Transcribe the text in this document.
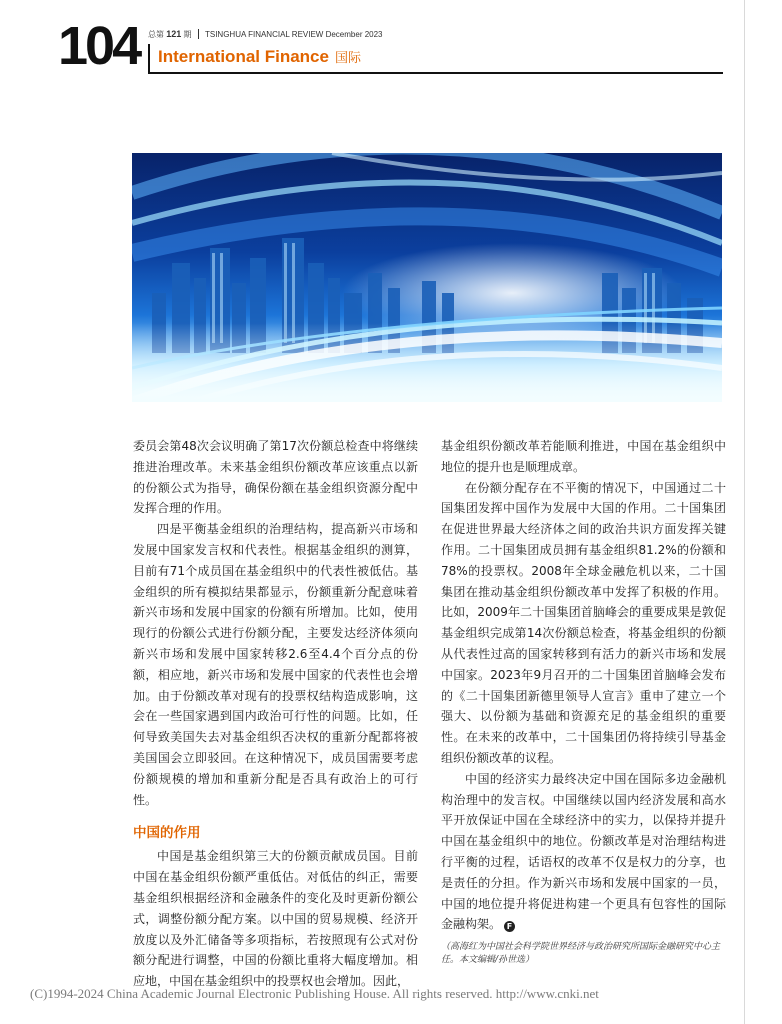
104 总第 121 期 TSINGHUA FINANCIAL REVIEW December 2023
International Finance 国际

委员会第48次会议明确了第17次份额总检查中将继续推进治理改革。未来基金组织份额改革应该重点以新的份额公式为指导，确保份额在基金组织资源分配中发挥合理的作用。

四是平衡基金组织的治理结构，提高新兴市场和发展中国家发言权和代表性。根据基金组织的测算，目前有71个成员国在基金组织中的代表性被低估。基金组织的所有模拟结果都显示，份额重新分配意味着新兴市场和发展中国家的份额有所增加。比如，使用现行的份额公式进行份额分配，主要发达经济体须向新兴市场和发展中国家转移2.6至4.4个百分点的份额，相应地，新兴市场和发展中国家的代表性也会增加。由于份额改革对现有的投票权结构造成影响，这会在一些国家遇到国内政治可行性的问题。比如，任何导致美国失去对基金组织否决权的重新分配都将被美国国会立即驳回。在这种情况下，成员国需要考虑份额规模的增加和重新分配是否具有政治上的可行性。

中国的作用

中国是基金组织第三大的份额贡献成员国。目前中国在基金组织份额严重低估。对低估的纠正，需要基金组织根据经济和金融条件的变化及时更新份额公式，调整份额分配方案。以中国的贸易规模、经济开放度以及外汇储备等多项指标，若按照现有公式对份额分配进行调整，中国的份额比重将大幅度增加。相应地，中国在基金组织中的投票权也会增加。因此，

基金组织份额改革若能顺利推进，中国在基金组织中地位的提升也是顺理成章。

在份额分配存在不平衡的情况下，中国通过二十国集团发挥中国作为发展中大国的作用。二十国集团在促进世界最大经济体之间的政治共识方面发挥关键作用。二十国集团成员拥有基金组织81.2%的份额和78%的投票权。2008年全球金融危机以来，二十国集团在推动基金组织份额改革中发挥了积极的作用。比如，2009年二十国集团首脑峰会的重要成果是敦促基金组织完成第14次份额总检查，将基金组织的份额从代表性过高的国家转移到有活力的新兴市场和发展中国家。2023年9月召开的二十国集团首脑峰会发布的《二十国集团新德里领导人宣言》重申了建立一个强大、以份额为基础和资源充足的基金组织的重要性。在未来的改革中，二十国集团仍将持续引导基金组织份额改革的议程。

中国的经济实力最终决定中国在国际多边金融机构治理中的发言权。中国继续以国内经济发展和高水平开放保证中国在全球经济中的实力，以保持并提升中国在基金组织中的地位。份额改革是对治理结构进行平衡的过程，话语权的改革不仅是权力的分享，也是责任的分担。作为新兴市场和发展中国家的一员，中国的地位提升将促进构建一个更具有包容性的国际金融构架。 F

（高海红为中国社会科学院世界经济与政治研究所国际金融研究中心主任。本文编辑/孙世选）
(C)1994-2024 China Academic Journal Electronic Publishing House. All rights reserved. http://www.cnki.net
